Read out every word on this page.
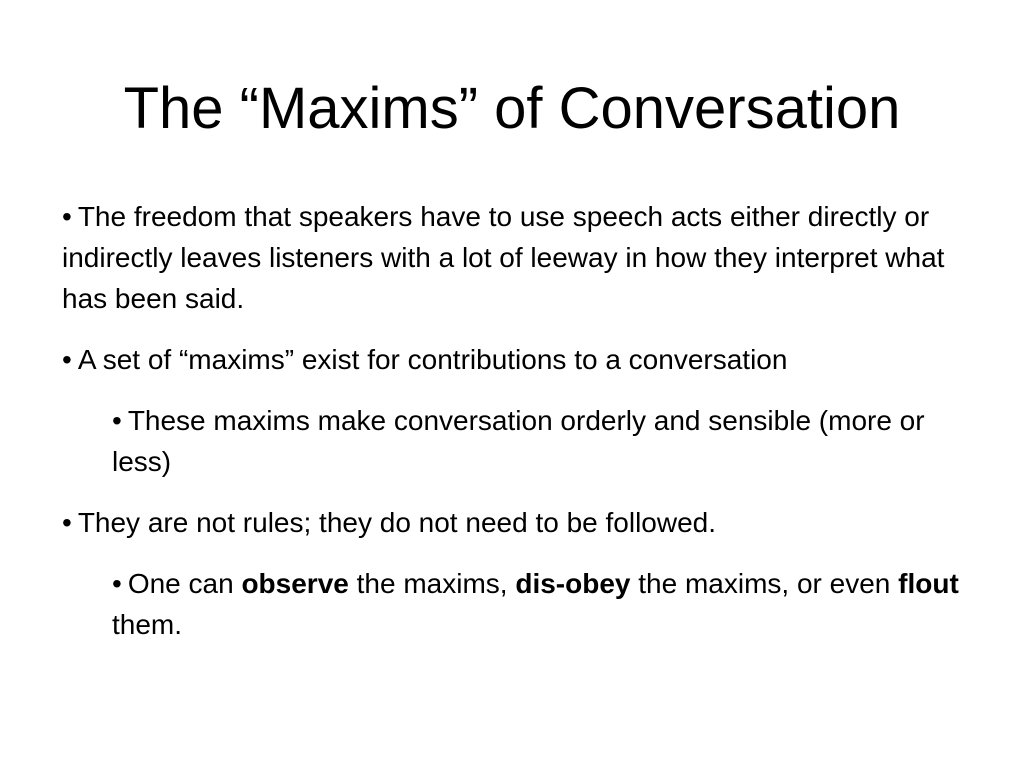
The “Maxims” of Conversation

• The freedom that speakers have to use speech acts either directly or indirectly leaves listeners with a lot of leeway in how they interpret what has been said.

• A set of “maxims” exist for contributions to a conversation

• These maxims make conversation orderly and sensible (more or less)

• They are not rules; they do not need to be followed.

• One can observe the maxims, dis-obey the maxims, or even flout them.
